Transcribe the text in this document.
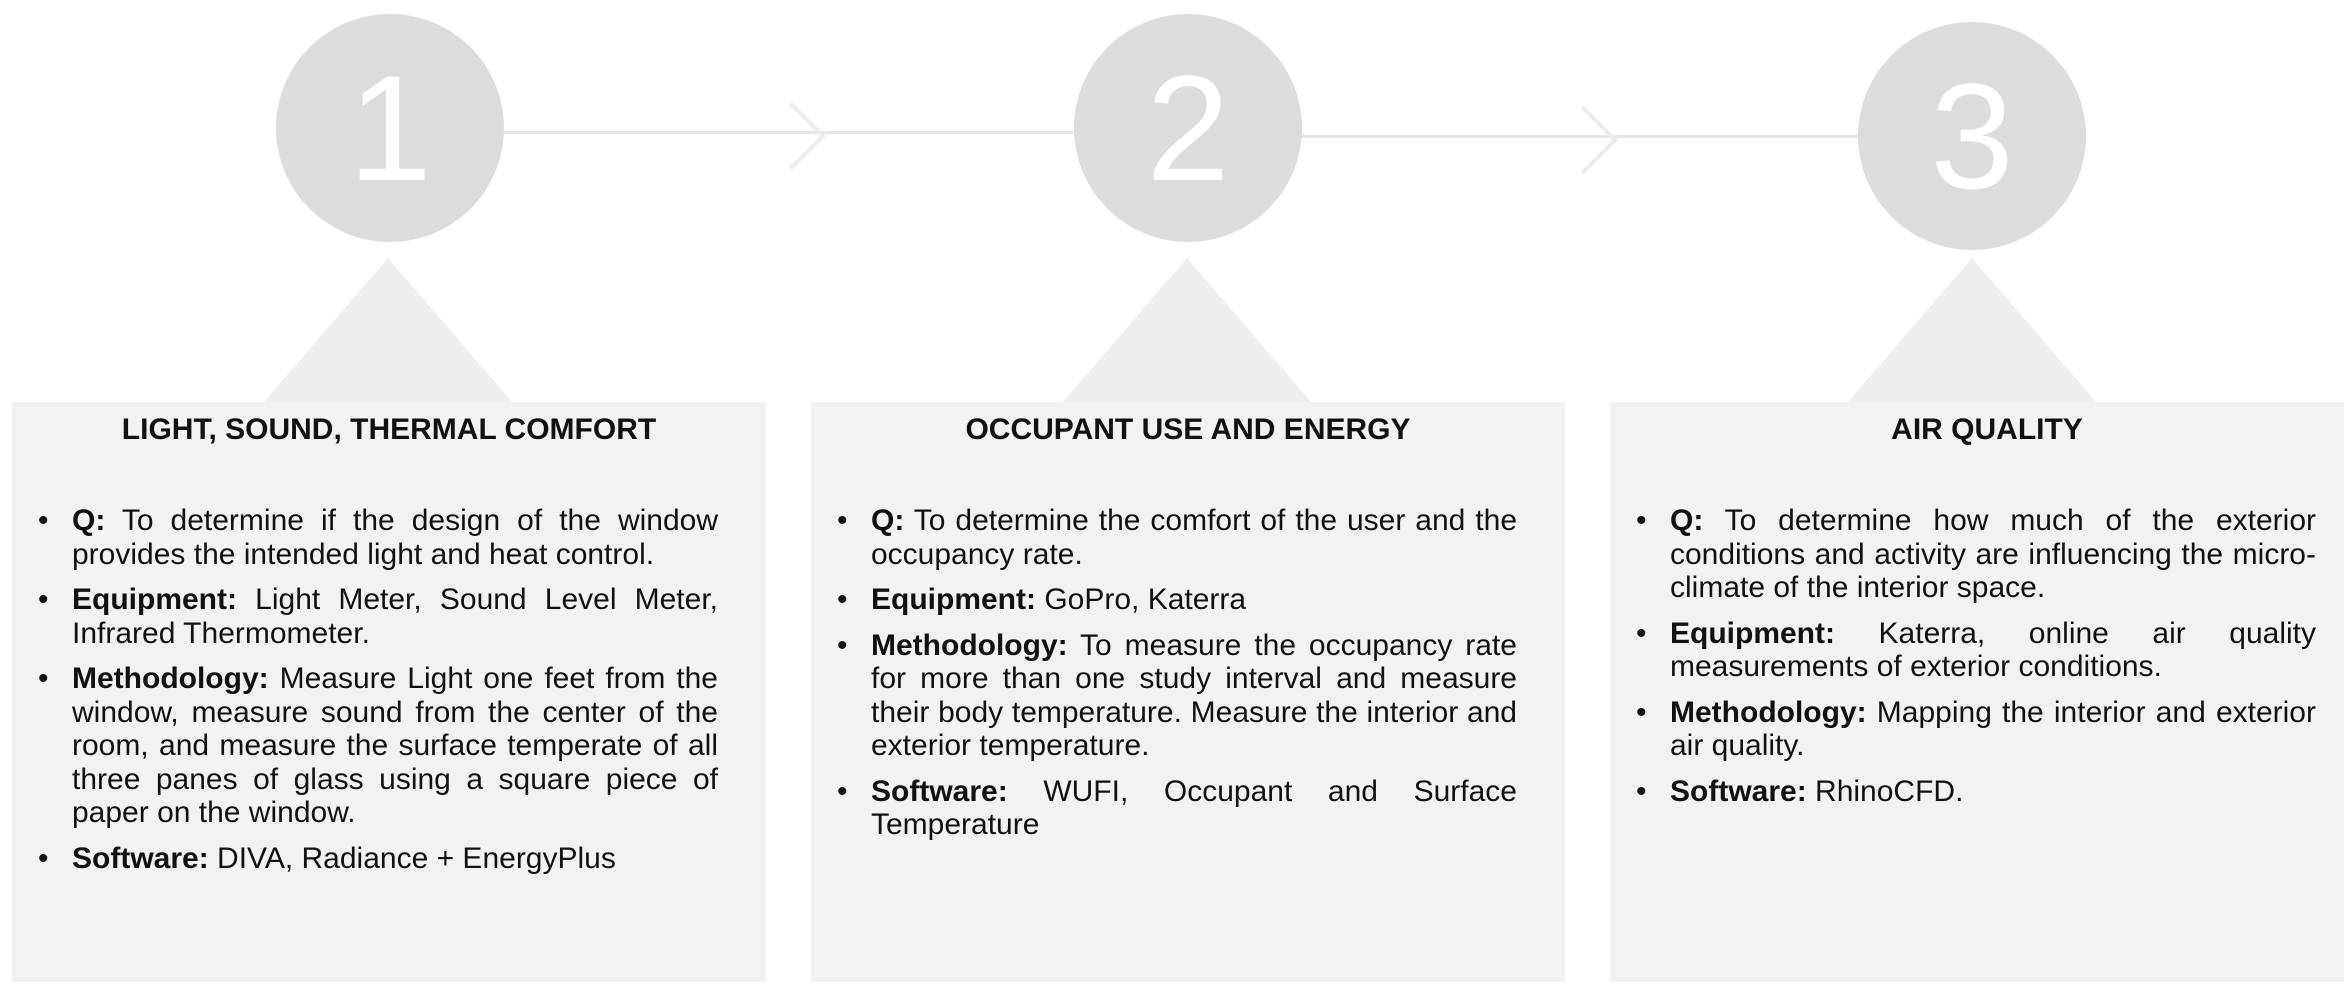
1
LIGHT, SOUND, THERMAL COMFORT
• Q: To determine if the design of the window provides the intended light and heat control.
• Equipment: Light Meter, Sound Level Meter, Infrared Thermometer.
• Methodology: Measure Light one feet from the window, measure sound from the center of the room, and measure the surface temperate of all three panes of glass using a square piece of paper on the window.
• Software: DIVA, Radiance + EnergyPlus
2
OCCUPANT USE AND ENERGY
• Q: To determine the comfort of the user and the occupancy rate.
• Equipment: GoPro, Katerra
• Methodology: To measure the occupancy rate for more than one study interval and measure their body temperature. Measure the interior and exterior temperature.
• Software: WUFI, Occupant and Surface Temperature
3
AIR QUALITY
• Q: To determine how much of the exterior conditions and activity are influencing the micro-climate of the interior space.
• Equipment: Katerra, online air quality measurements of exterior conditions.
• Methodology: Mapping the interior and exterior air quality.
• Software: RhinoCFD.
